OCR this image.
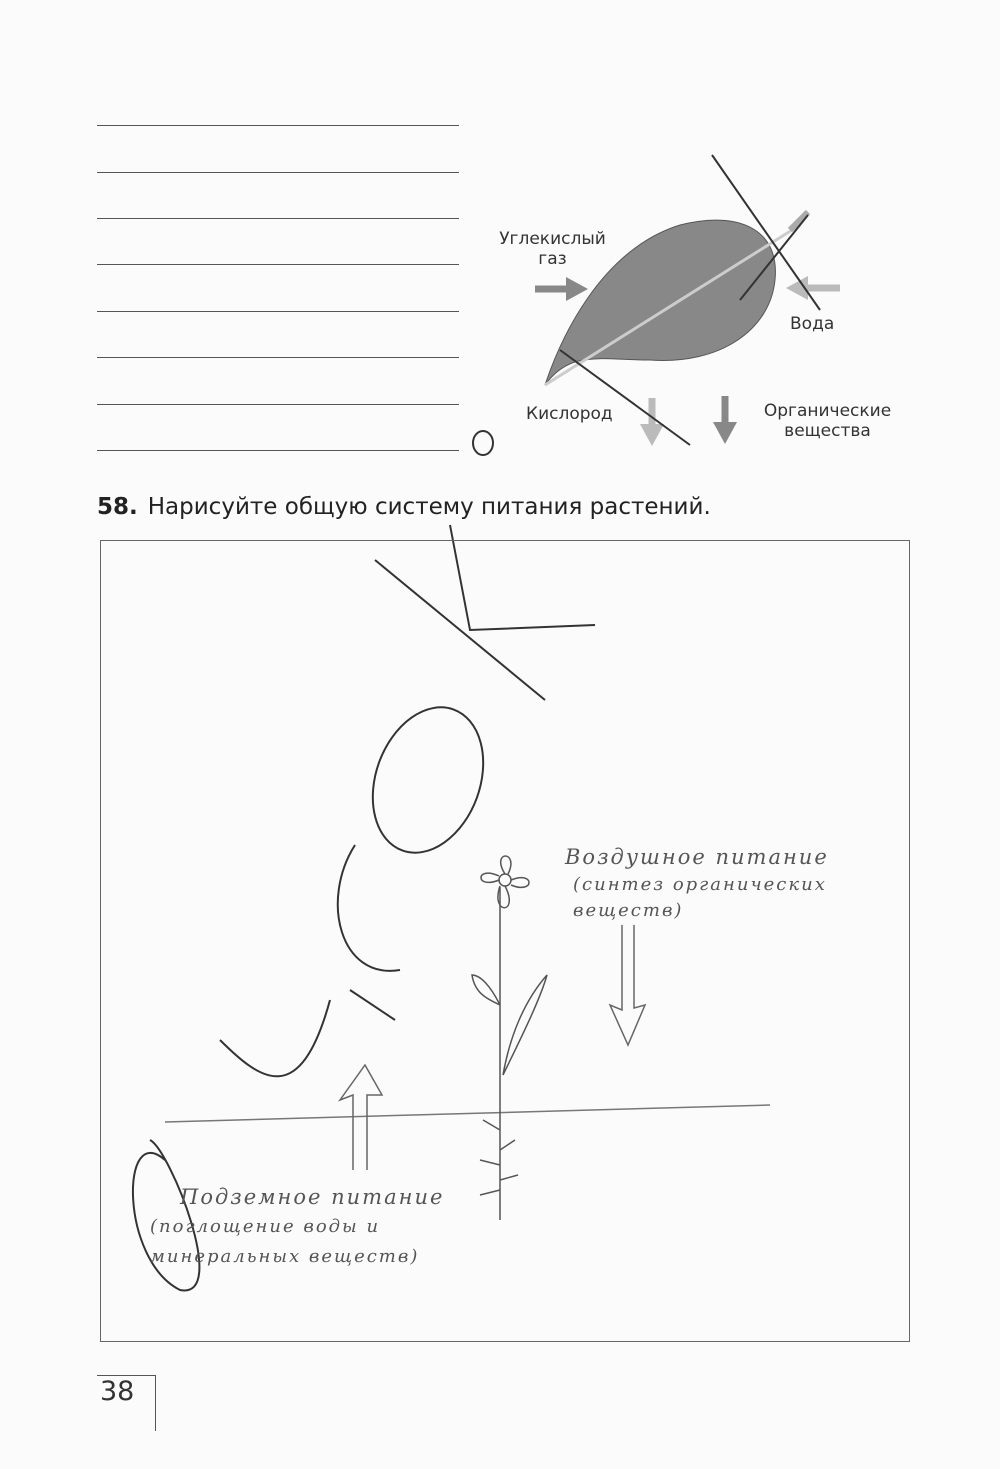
Углекислый газ
Вода
Кислород	Органические вещества
58. Нарисуйте общую систему питания растений.
Воздушное питание
(синтез органических веществ)
Подземное питание
(поглощение воды и минеральных веществ)
38
